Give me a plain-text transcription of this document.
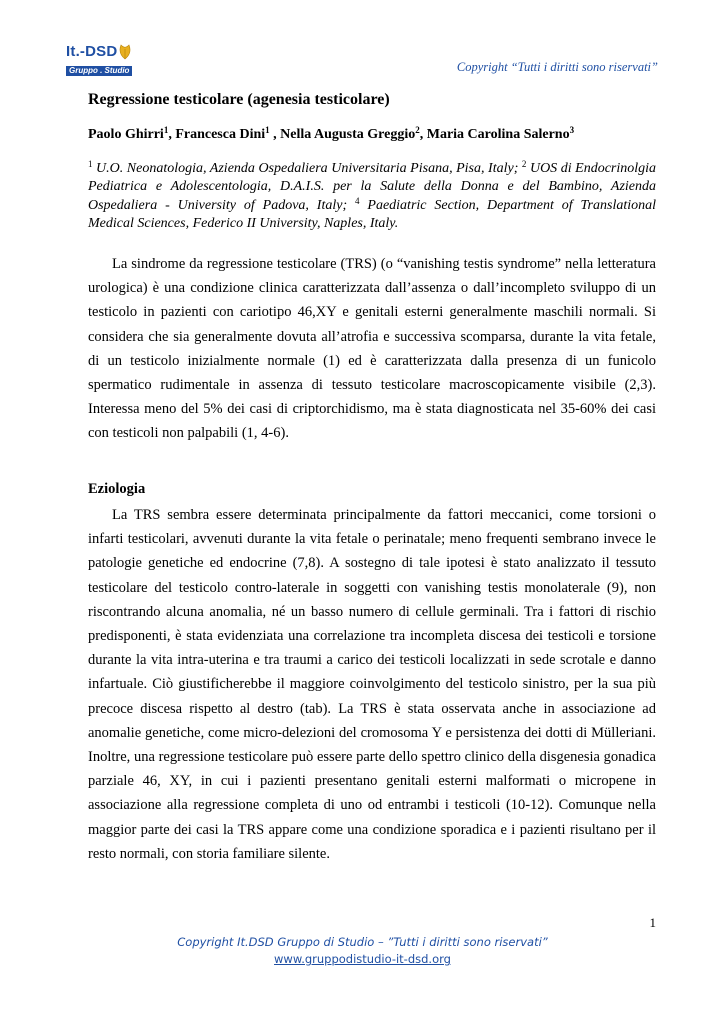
It.-DSD
Gruppo . Studio	Copyright “Tutti i diritti sono riservati”
Regressione testicolare (agenesia testicolare)
Paolo Ghirri$^1$, Francesca Dini$^1$ , Nella Augusta Greggio$^2$, Maria Carolina Salerno$^3$
$^1$ U.O. Neonatologia, Azienda Ospedaliera Universitaria Pisana, Pisa, Italy; $^2$ UOS di Endocrinolgia Pediatrica e Adolescentologia, D.A.I.S. per la Salute della Donna e del Bambino, Azienda Ospedaliera - University of Padova, Italy; $^4$ Paediatric Section, Department of Translational Medical Sciences, Federico II University, Naples, Italy.
La sindrome da regressione testicolare (TRS) (o “vanishing testis syndrome” nella letteratura urologica) è una condizione clinica caratterizzata dall’assenza o dall’incompleto sviluppo di un testicolo in pazienti con cariotipo 46,XY e genitali esterni generalmente maschili normali. Si considera che sia generalmente dovuta all’atrofia e successiva scomparsa, durante la vita fetale, di un testicolo inizialmente normale (1) ed è caratterizzata dalla presenza di un funicolo spermatico rudimentale in assenza di tessuto testicolare macroscopicamente visibile (2,3). Interessa meno del 5% dei casi di criptorchidismo, ma è stata diagnosticata nel 35-60% dei casi con testicoli non palpabili (1, 4-6).
Eziologia
La TRS sembra essere determinata principalmente da fattori meccanici, come torsioni o infarti testicolari, avvenuti durante la vita fetale o perinatale; meno frequenti sembrano invece le patologie genetiche ed endocrine (7,8). A sostegno di tale ipotesi è stato analizzato il tessuto testicolare del testicolo contro-laterale in soggetti con vanishing testis monolaterale (9), non riscontrando alcuna anomalia, né un basso numero di cellule germinali. Tra i fattori di rischio predisponenti, è stata evidenziata una correlazione tra incompleta discesa dei testicoli e torsione durante la vita intra-uterina e tra traumi a carico dei testicoli localizzati in sede scrotale e danno infartuale. Ciò giustificherebbe il maggiore coinvolgimento del testicolo sinistro, per la sua più precoce discesa rispetto al destro (tab). La TRS è stata osservata anche in associazione ad anomalie genetiche, come micro-delezioni del cromosoma Y e persistenza dei dotti di Mülleriani. Inoltre, una regressione testicolare può essere parte dello spettro clinico della disgenesia gonadica parziale 46, XY, in cui i pazienti presentano genitali esterni malformati o micropene in associazione alla regressione completa di uno od entrambi i testicoli (10-12). Comunque nella maggior parte dei casi la TRS appare come una condizione sporadica e i pazienti risultano per il resto normali, con storia familiare silente.
1
Copyright It.DSD Gruppo di Studio – ”Tutti i diritti sono riservati”
www.gruppodistudio-it-dsd.org
